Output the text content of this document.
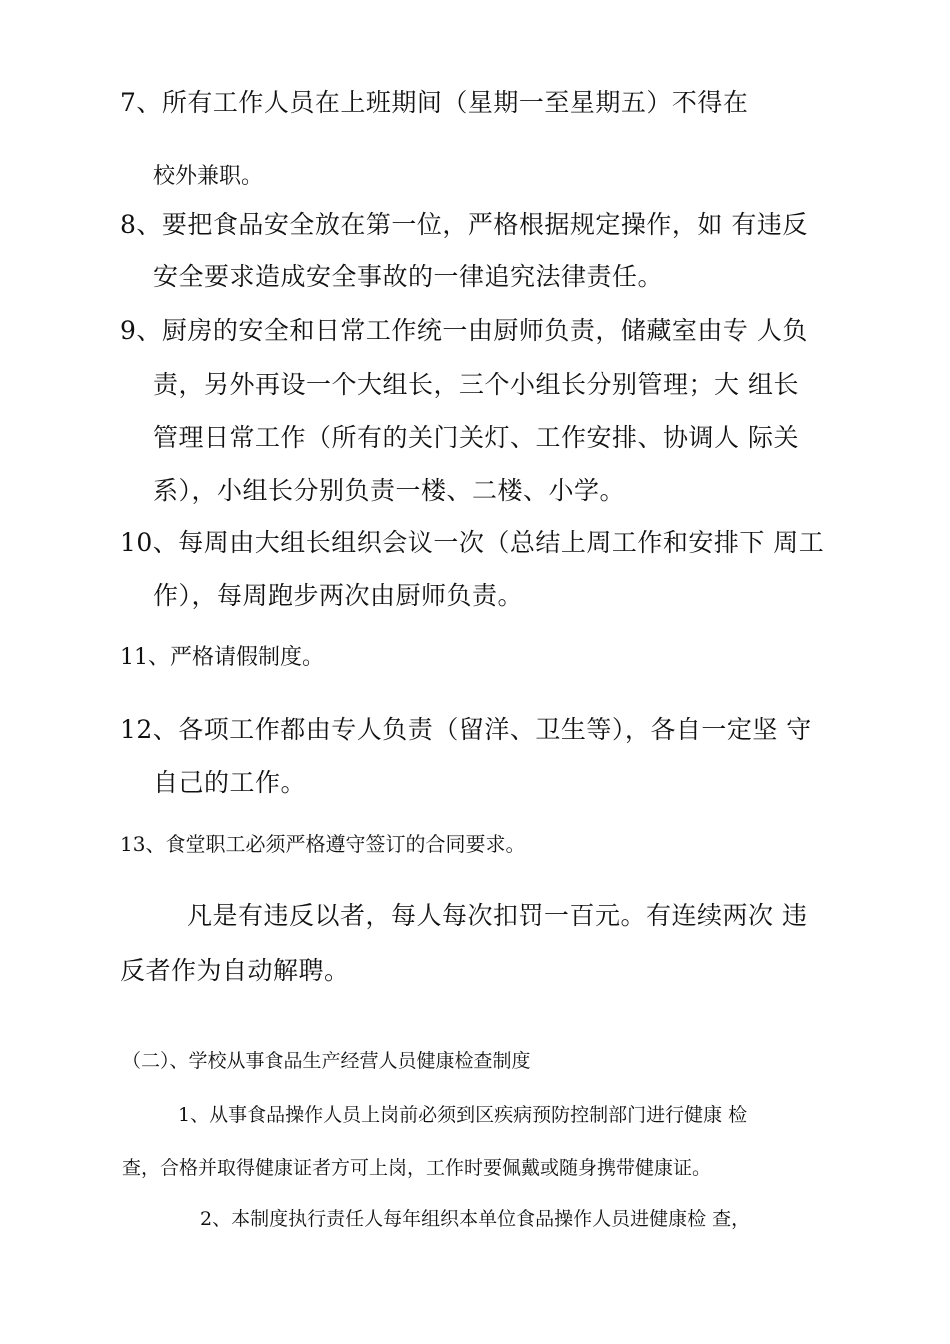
7、所有工作人员在上班期间（星期一至星期五）不得在
校外兼职。
8、要把食品安全放在第一位，严格根据规定操作，如 有违反
安全要求造成安全事故的一律追究法律责任。
9、厨房的安全和日常工作统一由厨师负责，储藏室由专 人负
责，另外再设一个大组长，三个小组长分别管理；大 组长
管理日常工作（所有的关门关灯、工作安排、协调人 际关
系），小组长分别负责一楼、二楼、小学。
10、每周由大组长组织会议一次（总结上周工作和安排下 周工
作），每周跑步两次由厨师负责。
11、严格请假制度。
12、各项工作都由专人负责（留洋、卫生等），各自一定坚 守
自己的工作。
13、食堂职工必须严格遵守签订的合同要求。
凡是有违反以者，每人每次扣罚一百元。有连续两次 违
反者作为自动解聘。
（二）、学校从事食品生产经营人员健康检查制度
1、从事食品操作人员上岗前必须到区疾病预防控制部门进行健康 检
查，合格并取得健康证者方可上岗，工作时要佩戴或随身携带健康证。
2、本制度执行责任人每年组织本单位食品操作人员进健康检 查，
